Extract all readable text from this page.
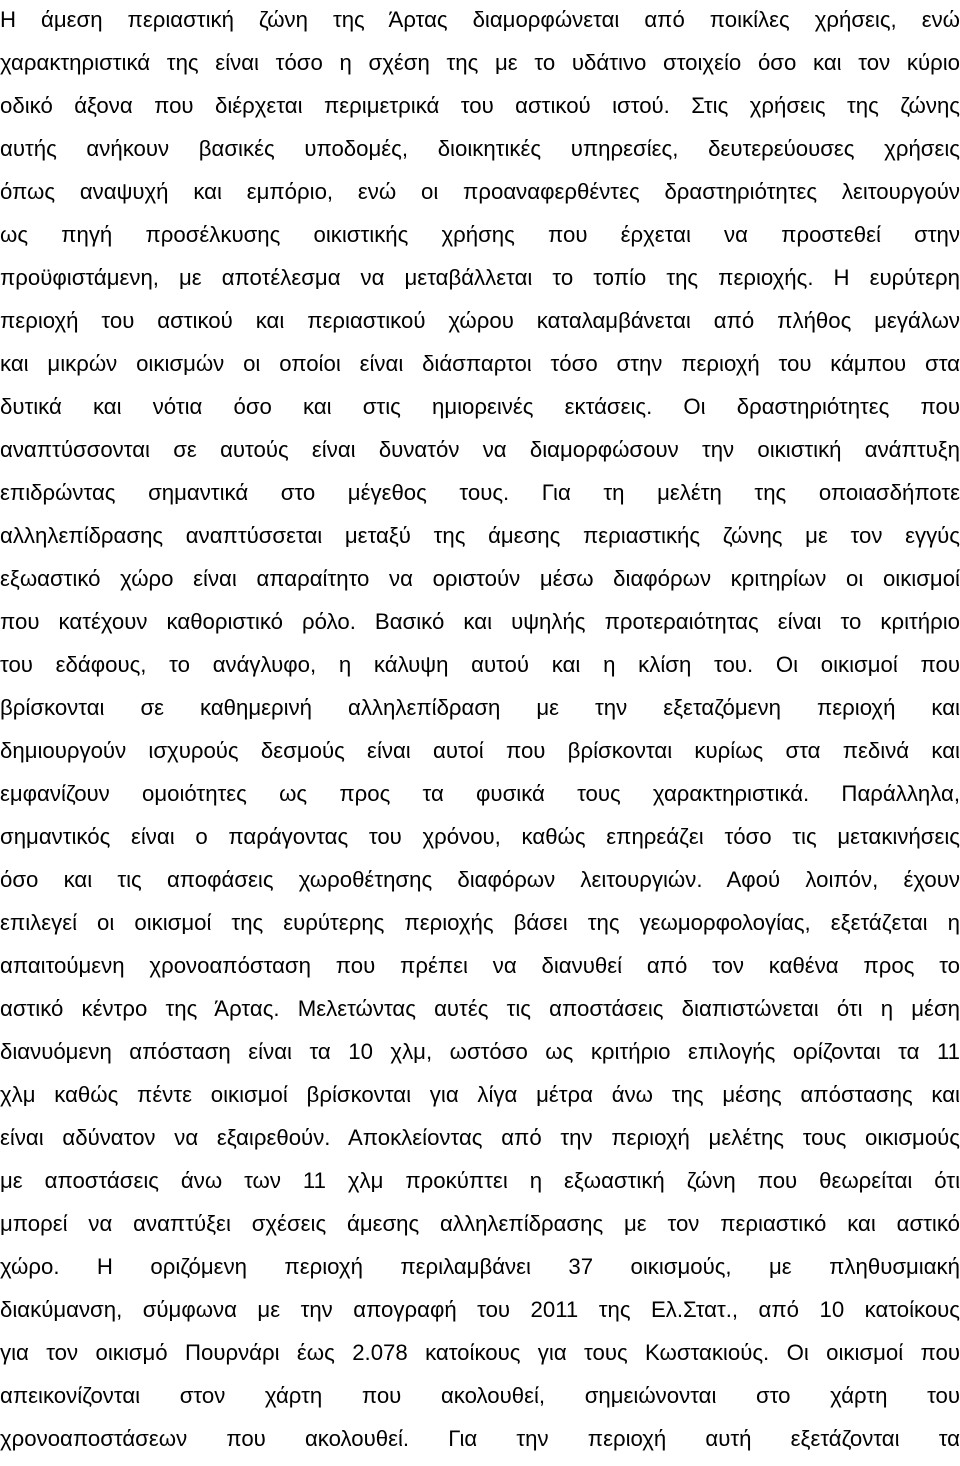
Η άμεση περιαστική ζώνη της Άρτας διαμορφώνεται από ποικίλες χρήσεις, ενώ
χαρακτηριστικά της είναι τόσο η σχέση της με το υδάτινο στοιχείο όσο και τον κύριο
οδικό άξονα που διέρχεται περιμετρικά του αστικού ιστού. Στις χρήσεις της ζώνης
αυτής ανήκουν βασικές υποδομές, διοικητικές υπηρεσίες, δευτερεύουσες χρήσεις
όπως αναψυχή και εμπόριο, ενώ οι προαναφερθέντες δραστηριότητες λειτουργούν
ως πηγή προσέλκυσης οικιστικής χρήσης που έρχεται να προστεθεί στην
προϋφιστάμενη, με αποτέλεσμα να μεταβάλλεται το τοπίο της περιοχής. Η ευρύτερη
περιοχή του αστικού και περιαστικού χώρου καταλαμβάνεται από πλήθος μεγάλων
και μικρών οικισμών οι οποίοι είναι διάσπαρτοι τόσο στην περιοχή του κάμπου στα
δυτικά και νότια όσο και στις ημιορεινές εκτάσεις. Οι δραστηριότητες που
αναπτύσσονται σε αυτούς είναι δυνατόν να διαμορφώσουν την οικιστική ανάπτυξη
επιδρώντας σημαντικά στο μέγεθος τους. Για τη μελέτη της οποιασδήποτε
αλληλεπίδρασης αναπτύσσεται μεταξύ της άμεσης περιαστικής ζώνης με τον εγγύς
εξωαστικό χώρο είναι απαραίτητο να οριστούν μέσω διαφόρων κριτηρίων οι οικισμοί
που κατέχουν καθοριστικό ρόλο. Βασικό και υψηλής προτεραιότητας είναι το κριτήριο
του εδάφους, το ανάγλυφο, η κάλυψη αυτού και η κλίση του. Οι οικισμοί που
βρίσκονται σε καθημερινή αλληλεπίδραση με την εξεταζόμενη περιοχή και
δημιουργούν ισχυρούς δεσμούς είναι αυτοί που βρίσκονται κυρίως στα πεδινά και
εμφανίζουν ομοιότητες ως προς τα φυσικά τους χαρακτηριστικά. Παράλληλα,
σημαντικός είναι ο παράγοντας του χρόνου, καθώς επηρεάζει τόσο τις μετακινήσεις
όσο και τις αποφάσεις χωροθέτησης διαφόρων λειτουργιών. Αφού λοιπόν, έχουν
επιλεγεί οι οικισμοί της ευρύτερης περιοχής βάσει της γεωμορφολογίας, εξετάζεται η
απαιτούμενη χρονοαπόσταση που πρέπει να διανυθεί από τον καθένα προς το
αστικό κέντρο της Άρτας. Μελετώντας αυτές τις αποστάσεις διαπιστώνεται ότι η μέση
διανυόμενη απόσταση είναι τα 10 χλμ, ωστόσο ως κριτήριο επιλογής ορίζονται τα 11
χλμ καθώς πέντε οικισμοί βρίσκονται για λίγα μέτρα άνω της μέσης απόστασης και
είναι αδύνατον να εξαιρεθούν. Αποκλείοντας από την περιοχή μελέτης τους οικισμούς
με αποστάσεις άνω των 11 χλμ προκύπτει η εξωαστική ζώνη που θεωρείται ότι
μπορεί να αναπτύξει σχέσεις άμεσης αλληλεπίδρασης με τον περιαστικό και αστικό
χώρο. Η οριζόμενη περιοχή περιλαμβάνει 37 οικισμούς, με πληθυσμιακή
διακύμανση, σύμφωνα με την απογραφή του 2011 της Ελ.Στατ., από 10 κατοίκους
για τον οικισμό Πουρνάρι έως 2.078 κατοίκους για τους Κωστακιούς. Οι οικισμοί που
απεικονίζονται στον χάρτη που ακολουθεί, σημειώνονται στο χάρτη του
χρονοαποστάσεων που ακολουθεί. Για την περιοχή αυτή εξετάζονται τα
